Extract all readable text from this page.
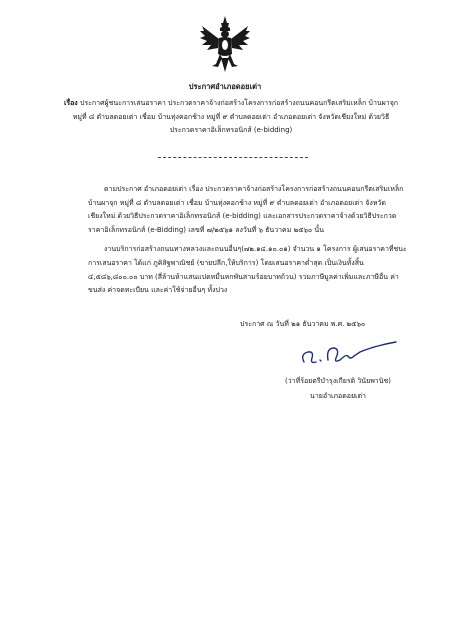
ประกาศอำเภอดอยเต่า
เรื่อง ประกาศผู้ชนะการเสนอราคา ประกวดราคาจ้างก่อสร้างโครงการก่อสร้างถนนคอนกรีตเสริมเหล็ก บ้านผาจุก หมู่ที่ ๘ ตำบลดอยเต่า เชื่อม บ้านทุ่งคอกช้าง หมู่ที่ ๙ ตำบลดอยเต่า อำเภอดอยเต่า จังหวัดเชียงใหม่ ด้วยวิธีประกวดราคาอิเล็กทรอนิกส์ (e-bidding)

ตามประกาศ อำเภอดอยเต่า เรื่อง ประกวดราคาจ้างก่อสร้างโครงการก่อสร้างถนนคอนกรีตเสริมเหล็ก บ้านผาจุก หมู่ที่ ๘ ตำบลดอยเต่า เชื่อม บ้านทุ่งคอกช้าง หมู่ที่ ๙ ตำบลดอยเต่า อำเภอดอยเต่า จังหวัดเชียงใหม่ ด้วยวิธีประกวดราคาอิเล็กทรอนิกส์ (e-bidding) และเอกสารประกวดราคาจ้างด้วยวิธีประกวดราคาอิเล็กทรอนิกส์ (e-Bidding) เลขที่ ๗/๒๕๖๑ ลงวันที่ ๖ ธันวาคม ๒๕๖๐ นั้น

งานบริการก่อสร้างถนนทางหลวงและถนนอื่นๆ(๗๒.๑๔.๑๐.๐๑) จำนวน ๑ โครงการ ผู้เสนอราคาที่ชนะการเสนอราคา ได้แก่ ภูคิสิฐพาณิชย์ (ขายปลีก,ให้บริการ) โดยเสนอราคาต่ำสุด เป็นเงินทั้งสิ้น ๔,๕๘๖,๘๐๐.๐๐ บาท (สี่ล้านห้าแสนแปดหมื่นหกพันสามร้อยบาทถ้วน) รวมภาษีมูลค่าเพิ่มและภาษีอื่น ค่าขนส่ง ค่าจดทะเบียน และค่าใช้จ่ายอื่นๆ ทั้งปวง

ประกาศ ณ วันที่ ๒๑ ธันวาคม พ.ศ. ๒๕๖๐
(ว่าที่ร้อยตรีบำรุงเกียรติ วินัยพานิช)
นายอำเภอดอยเต่า
